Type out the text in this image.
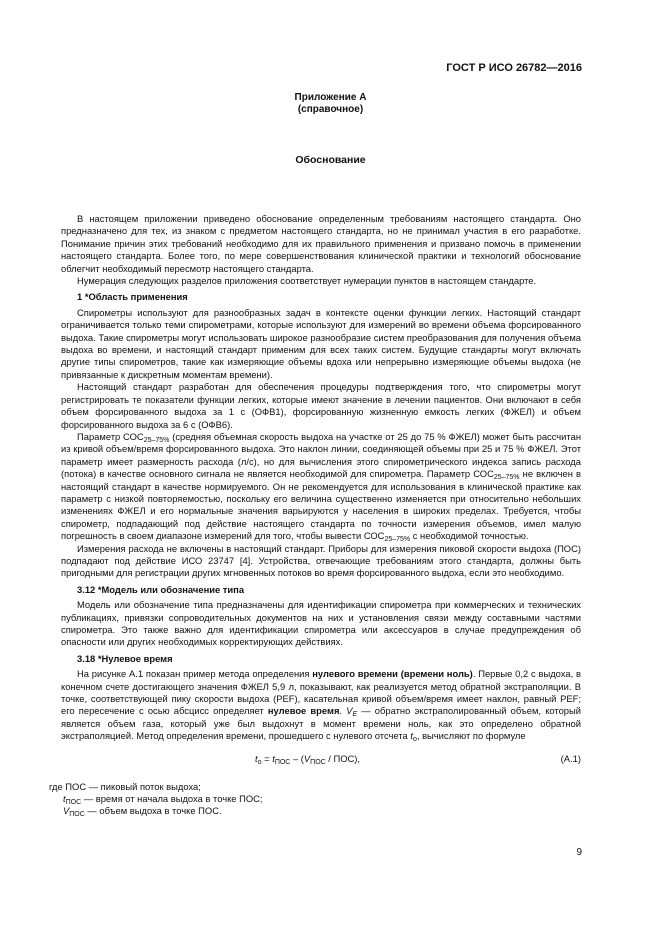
ГОСТ Р ИСО 26782—2016
Приложение А
(справочное)
Обоснование

В настоящем приложении приведено обоснование определенным требованиям настоящего стандарта. Оно предназначено для тех, из знаком с предметом настоящего стандарта, но не принимал участия в его разработке. Понимание причин этих требований необходимо для их правильного применения и призвано помочь в применении настоящего стандарта. Более того, по мере совершенствования клинической практики и технологий обоснование облегчит необходимый пересмотр настоящего стандарта.

Нумерация следующих разделов приложения соответствует нумерации пунктов в настоящем стандарте.

1 *Область применения

Спирометры используют для разнообразных задач в контексте оценки функции легких. Настоящий стандарт ограничивается только теми спирометрами, которые используют для измерений во времени объема форсированного выдоха. Такие спирометры могут использовать широкое разнообразие систем преобразования для получения объема выдоха во времени, и настоящий стандарт применим для всех таких систем. Будущие стандарты могут включать другие типы спирометров, такие как измеряющие объемы вдоха или непрерывно измеряющие объемы выдоха (не привязанные к дискретным моментам времени).

Настоящий стандарт разработан для обеспечения процедуры подтверждения того, что спирометры могут регистрировать те показатели функции легких, которые имеют значение в лечении пациентов. Они включают в себя объем форсированного выдоха за 1 с (ОФВ1), форсированную жизненную емкость легких (ФЖЕЛ) и объем форсированного выдоха за 6 с (ОФВ6).

Параметр $СОС_{25-75\%}$ (средняя объемная скорость выдоха на участке от 25 до 75 % ФЖЕЛ) может быть рассчитан из кривой объем/время форсированного выдоха. Это наклон линии, соединяющей объемы при 25 и 75 % ФЖЕЛ. Этот параметр имеет размерность расхода (л/с), но для вычисления этого спирометрического индекса запись расхода (потока) в качестве основного сигнала не является необходимой для спирометра. Параметр $СОС_{25-75\%}$ не включен в настоящий стандарт в качестве нормируемого. Он не рекомендуется для использования в клинической практике как параметр с низкой повторяемостью, поскольку его величина существенно изменяется при относительно небольших изменениях ФЖЕЛ и его нормальные значения варьируются у населения в широких пределах. Требуется, чтобы спирометр, подпадающий под действие настоящего стандарта по точности измерения объемов, имел малую погрешность в своем диапазоне измерений для того, чтобы вывести $СОС_{25-75\%}$ с необходимой точностью.

Измерения расхода не включены в настоящий стандарт. Приборы для измерения пиковой скорости выдоха (ПОС) подпадают под действие ИСО 23747 [4]. Устройства, отвечающие требованиям этого стандарта, должны быть пригодными для регистрации других мгновенных потоков во время форсированного выдоха, если это необходимо.

3.12 *Модель или обозначение типа

Модель или обозначение типа предназначены для идентификации спирометра при коммерческих и технических публикациях, привязки сопроводительных документов на них и установления связи между составными частями спирометра. Это также важно для идентификации спирометра или аксессуаров в случае предупреждения об опасности или других необходимых корректирующих действиях.

3.18 *Нулевое время

На рисунке А.1 показан пример метода определения нулевого времени (времени ноль). Первые 0,2 с выдоха, в конечном счете достигающего значения ФЖЕЛ 5,9 л, показывают, как реализуется метод обратной экстраполяции. В точке, соответствующей пику скорости выдоха (PEF), касательная кривой объем/время имеет наклон, равный PEF; его пересечение с осью абсцисс определяет нулевое время. $V_E$ — обратно экстраполированный объем, который является объем газа, который уже был выдохнут в момент времени ноль, как это определено обратной экстраполяцией. Метод определения времени, прошедшего с нулевого отсчета $t_о$, вычисляют по формуле

$t_о = t_{ПОС} - (V_{ПОС} / ПОС)$,	(А.1)
где ПОС — пиковый поток выдоха;
$t_{ПОС}$ — время от начала выдоха в точке ПОС;
$V_{ПОС}$ — объем выдоха в точке ПОС.
9
